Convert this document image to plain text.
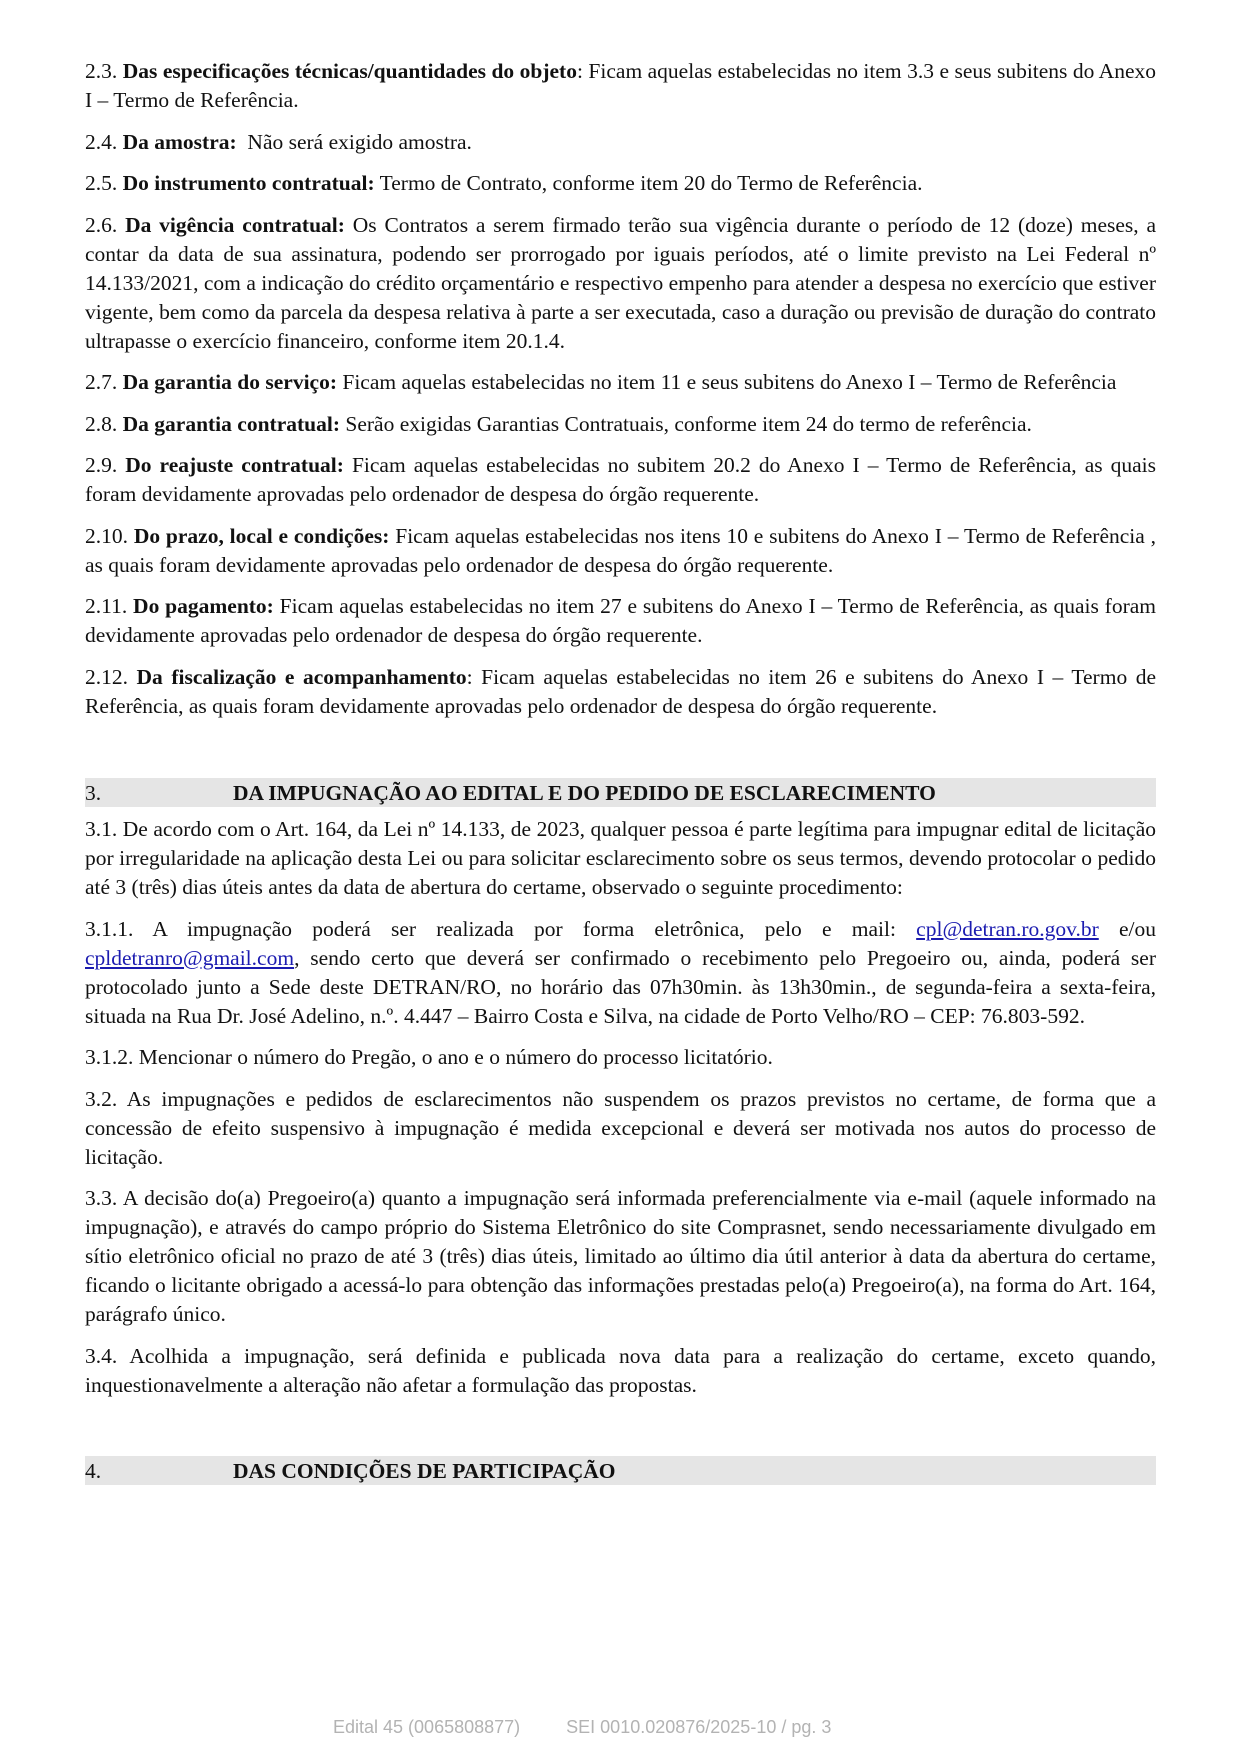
2.3. Das especificações técnicas/quantidades do objeto: Ficam aquelas estabelecidas no item 3.3 e seus subitens do Anexo I – Termo de Referência.

2.4. Da amostra:  Não será exigido amostra.

2.5. Do instrumento contratual: Termo de Contrato, conforme item 20 do Termo de Referência.

2.6. Da vigência contratual: Os Contratos a serem firmado terão sua vigência durante o período de 12 (doze) meses, a contar da data de sua assinatura, podendo ser prorrogado por iguais períodos, até o limite previsto na Lei Federal nº 14.133/2021, com a indicação do crédito orçamentário e respectivo empenho para atender a despesa no exercício que estiver vigente, bem como da parcela da despesa relativa à parte a ser executada, caso a duração ou previsão de duração do contrato ultrapasse o exercício financeiro, conforme item 20.1.4.

2.7. Da garantia do serviço: Ficam aquelas estabelecidas no item 11 e seus subitens do Anexo I – Termo de Referência

2.8. Da garantia contratual: Serão exigidas Garantias Contratuais, conforme item 24 do termo de referência.

2.9. Do reajuste contratual: Ficam aquelas estabelecidas no subitem 20.2 do Anexo I – Termo de Referência, as quais foram devidamente aprovadas pelo ordenador de despesa do órgão requerente.

2.10. Do prazo, local e condições: Ficam aquelas estabelecidas nos itens 10 e subitens do Anexo I – Termo de Referência , as quais foram devidamente aprovadas pelo ordenador de despesa do órgão requerente.

2.11. Do pagamento: Ficam aquelas estabelecidas no item 27 e subitens do Anexo I – Termo de Referência, as quais foram devidamente aprovadas pelo ordenador de despesa do órgão requerente.

2.12. Da fiscalização e acompanhamento: Ficam aquelas estabelecidas no item 26 e subitens do Anexo I – Termo de Referência, as quais foram devidamente aprovadas pelo ordenador de despesa do órgão requerente.

3.	DA IMPUGNAÇÃO AO EDITAL E DO PEDIDO DE ESCLARECIMENTO

3.1. De acordo com o Art. 164, da Lei nº 14.133, de 2023, qualquer pessoa é parte legítima para impugnar edital de licitação por irregularidade na aplicação desta Lei ou para solicitar esclarecimento sobre os seus termos, devendo protocolar o pedido até 3 (três) dias úteis antes da data de abertura do certame, observado o seguinte procedimento:

3.1.1. A impugnação poderá ser realizada por forma eletrônica, pelo e mail: cpl@detran.ro.gov.br e/ou cpldetranro@gmail.com, sendo certo que deverá ser confirmado o recebimento pelo Pregoeiro ou, ainda, poderá ser protocolado junto a Sede deste DETRAN/RO, no horário das 07h30min. às 13h30min., de segunda-feira a sexta-feira, situada na Rua Dr. José Adelino, n.º. 4.447 – Bairro Costa e Silva, na cidade de Porto Velho/RO – CEP: 76.803-592.

3.1.2. Mencionar o número do Pregão, o ano e o número do processo licitatório.

3.2. As impugnações e pedidos de esclarecimentos não suspendem os prazos previstos no certame, de forma que a concessão de efeito suspensivo à impugnação é medida excepcional e deverá ser motivada nos autos do processo de licitação.

3.3. A decisão do(a) Pregoeiro(a) quanto a impugnação será informada preferencialmente via e-mail (aquele informado na impugnação), e através do campo próprio do Sistema Eletrônico do site Comprasnet, sendo necessariamente divulgado em sítio eletrônico oficial no prazo de até 3 (três) dias úteis, limitado ao último dia útil anterior à data da abertura do certame, ficando o licitante obrigado a acessá-lo para obtenção das informações prestadas pelo(a) Pregoeiro(a), na forma do Art. 164, parágrafo único.

3.4. Acolhida a impugnação, será definida e publicada nova data para a realização do certame, exceto quando, inquestionavelmente a alteração não afetar a formulação das propostas.

4.	DAS CONDIÇÕES DE PARTICIPAÇÃO
Edital 45 (0065808877)	SEI 0010.020876/2025-10 / pg. 3
